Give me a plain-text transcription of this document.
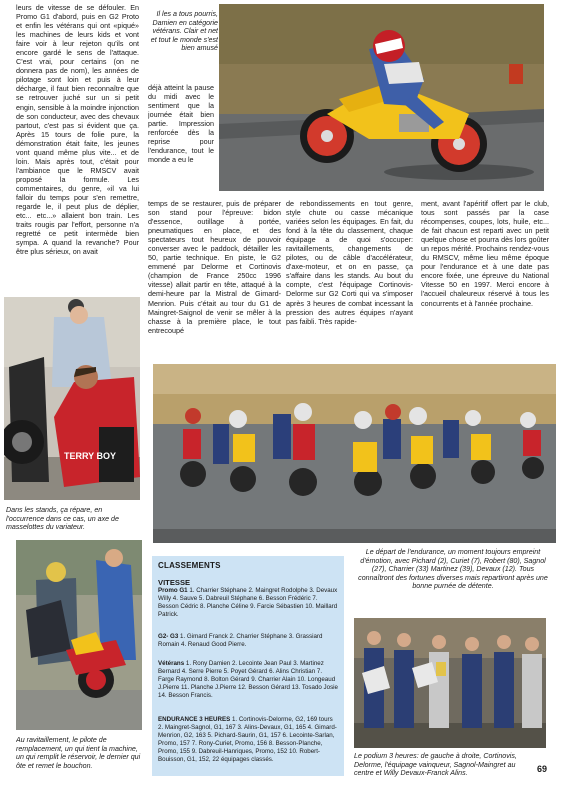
leurs de vitesse de se défouler. En Promo G1 d'abord, puis en G2 Proto et enfin les vétérans qui ont «piqué» les machines de leurs kids et vont faire voir à leur rejeton qu'ils ont encore gardé le sens de l'attaque. C'est vrai, pour certains (on ne donnera pas de nom), les années de pilotage sont loin et puis à leur décharge, il faut bien reconnaître que se retrouver juché sur un si petit engin, sensible à la moindre injonction de son conducteur, avec des chevaux partout, c'est pas si évident que ça. Après 15 tours de folie pure, la démonstration était faite, les jeunes vont quand même plus vite... et de loin. Mais après tout, c'était pour l'ambiance que le RMSCV avait proposé la formule. Les commentaires, du genre, «il va lui falloir du temps pour s'en remettre, regarde le, il peut plus de déplier, etc... etc...» allaient bon train. Les traits rougis par l'effort, personne n'a regretté ce petit intermède bien sympa. A quand la revanche? Pour être plus sérieux, on avait

Il les a tous pourris, Damien en catégorie vétérans. Clair et net et tout le monde s'est bien amusé

déjà atteint la pause du midi avec le sentiment que la journée était bien partie. Impression renforcée dès la reprise pour l'endurance, tout le monde a eu le

temps de se restaurer, puis de préparer son stand pour l'épreuve: bidon d'essence, outillage à portée, pneumatiques en place, et des spectateurs tout heureux de pouvoir converser avec le paddock, détailler les 50, partie technique. En piste, le G2 emmené par Delorme et Cortinovis (champion de France 250cc 1996 vitesse) allait partir en tête, attaqué à la demi-heure par la Mistral de Gimard-Menrion. Puis c'était au tour du G1 de Maingret-Saignol de venir se mêler à la chasse à la première place, le tout entrecoupé

de rebondissements en tout genre, style chute ou casse mécanique variées selon les équipages. En fait, du fond à la tête du classement, chaque équipage a de quoi s'occuper: ravitaillements, changements de pilotes, ou de câble d'accélérateur, d'axe-moteur, et on en passe, ça s'affaire dans les stands. Au bout du compte, c'est l'équipage Cortinovis-Delorme sur G2 Corti qui va s'imposer après 3 heures de combat incessant la pression des autres équipes n'ayant pas faibli. Très rapide-

ment, avant l'apéritif offert par le club, tous sont passés par la case récompenses, coupes, lots, huile, etc... de fait chacun est reparti avec un petit quelque chose et pourra dès lors goûter un repos mérité. Prochains rendez-vous du RMSCV, même lieu même époque pour l'endurance et à une date pas encore fixée, une épreuve du National Vitesse 50 en 1997. Merci encore à l'accueil chaleureux réservé à tous les concurrents et à l'année prochaine.

TERRY BOY
Dans les stands, ça répare, en l'occurrence dans ce cas, un axe de masselottes du variateur.
Le départ de l'endurance, un moment toujours empreint d'émotion, avec Pichard (2), Curiet (7), Robert (80), Sagnol (27), Charrier (33) Martinez (39), Devaux (12). Tous connaîtront des fortunes diverses mais repartiront après une bonne purnée de détente.
Au ravitaillement, le pilote de remplacement, un qui tient la machine, un qui remplit le réservoir, le dernier qui ôte et remet le bouchon.
CLASSEMENTS
VITESSE
Promo G1 1. Charrier Stéphane 2. Maingret Rodolphe 3. Devaux Willy 4. Sauve 5. Dabreuil Stéphane 6. Besson Frédéric 7. Besson Cédric 8. Planche Céline 9. Farcie Sébastien 10. Maillard Patrick.
G2- G3 1. Gimard Franck 2. Charrier Stéphane 3. Grassiard Romain 4. Renaud Good Pierre.
Vétérans 1. Rony Damien 2. Lecointe Jean Paul 3. Martinez Bernard 4. Serre Pierre 5. Poyet Gérard 6. Alins Christian 7. Farge Raymond 8. Bolton Gérard 9. Charrier Alain 10. Longeaud J.Pierre 11. Planche J.Pierre 12. Besson Gérard 13. Tosado Josie 14. Besson Francis.
ENDURANCE 3 HEURES 1. Cortinovis-Delorme, G2, 169 tours 2. Maingret-Sagnol, G1, 167 3. Alins-Devaux, G1, 165 4. Gimard-Menrion, G2, 163 5. Pichard-Saurin, G1, 157 6. Lecointe-Sarlan, Promo, 157 7. Rony-Curiet, Promo, 156 8. Besson-Planche, Promo, 155 9. Dabreuil-Hanriques, Promo, 152 10. Robert-Bouisson, G1, 152, 22 équipages classés.	Le podium 3 heures: de gauche à droite, Cortinovis, Delorme, l'équipage vainqueur, Sagnol-Maingret au centre et Willy Devaux-Franck Alins.	69
